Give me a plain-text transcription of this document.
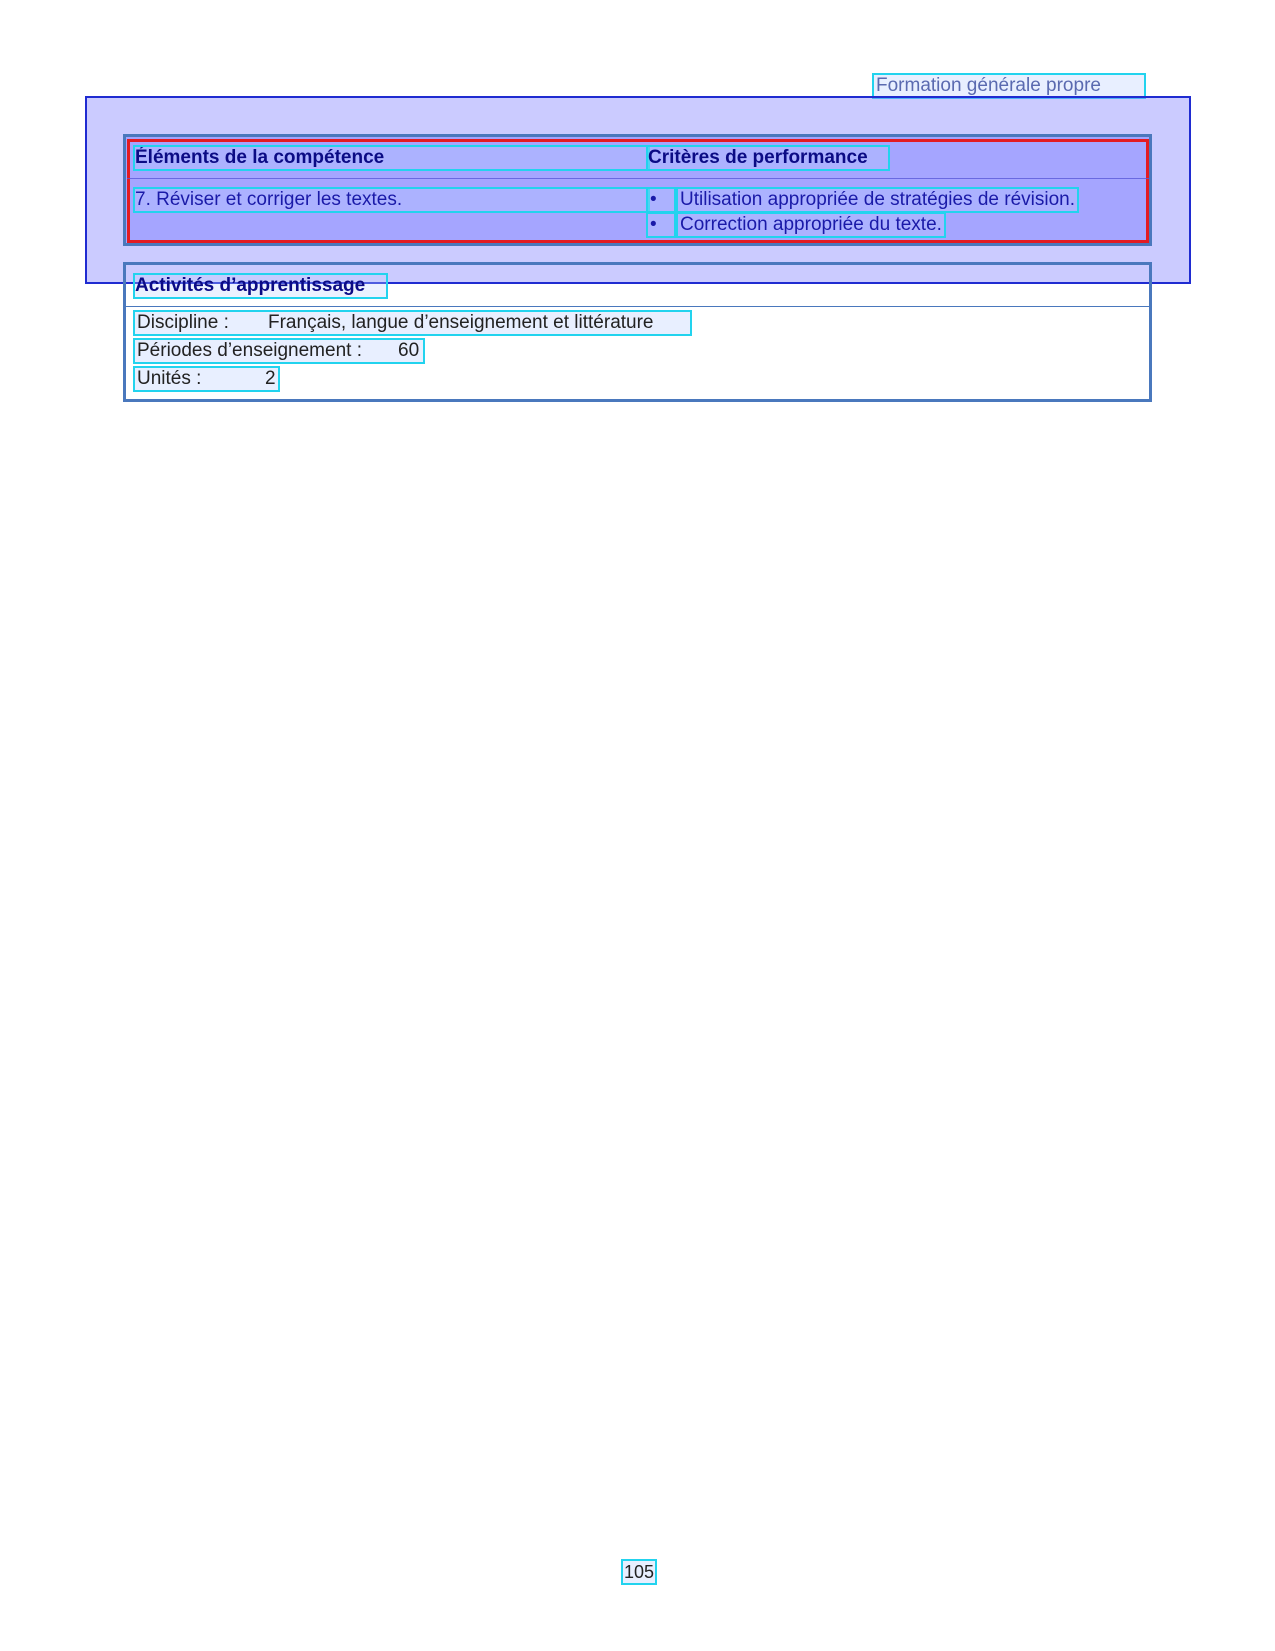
Formation générale propre
Éléments de la compétence	Critères de performance
7. Réviser et corriger les textes.	•	Utilisation appropriée de stratégies de révision.
•	Correction appropriée du texte.
Activités d’apprentissage
Discipline : Français, langue d’enseignement et littérature
Périodes d’enseignement : 60
Unités :	2
105
